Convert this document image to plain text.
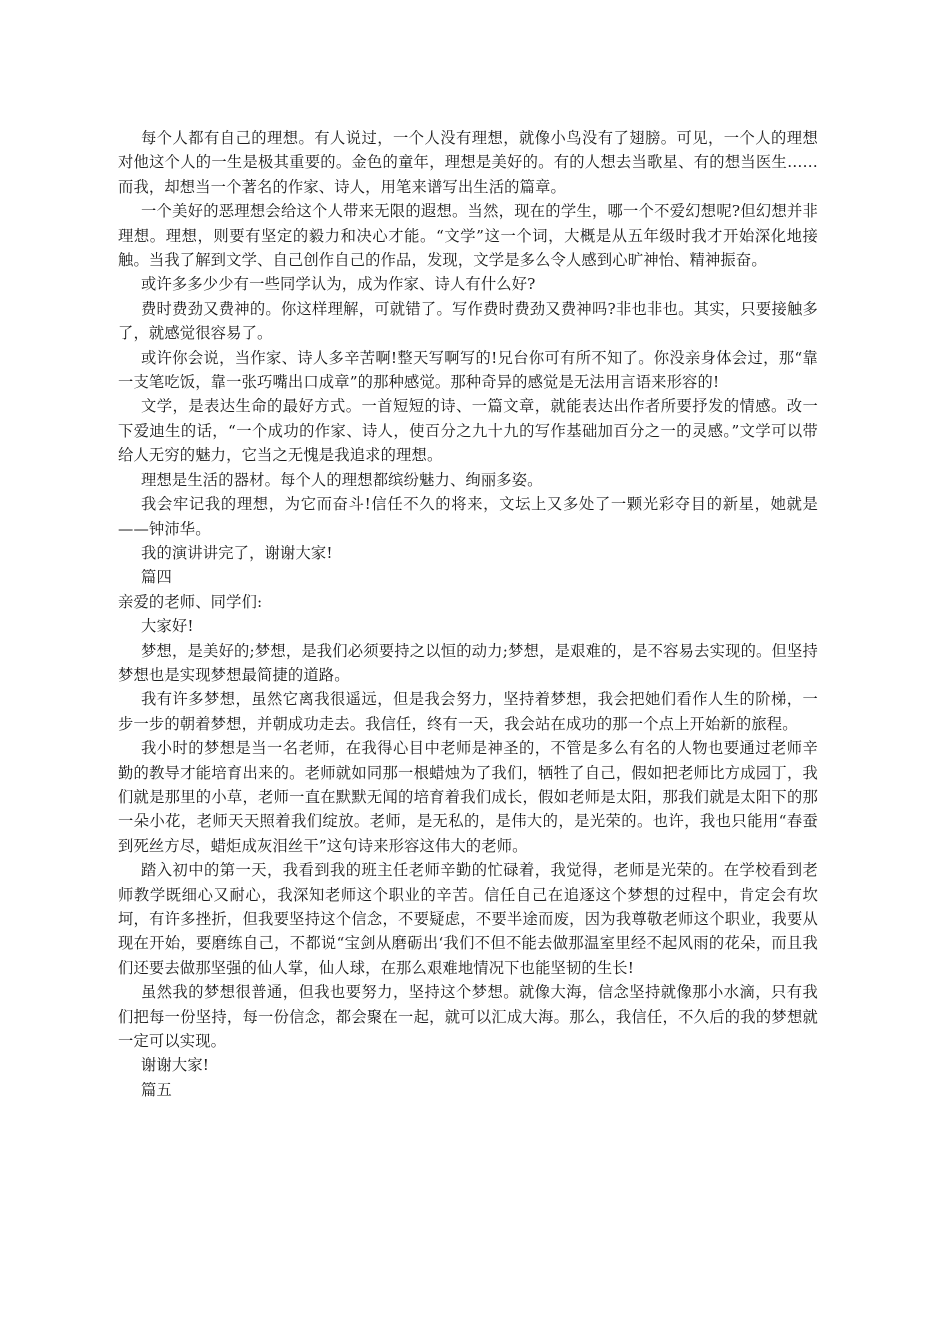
每个人都有自己的理想。有人说过，一个人没有理想，就像小鸟没有了翅膀。可见，一个人的理想对他这个人的一生是极其重要的。金色的童年，理想是美好的。有的人想去当歌星、有的想当医生……而我，却想当一个著名的作家、诗人，用笔来谱写出生活的篇章。

一个美好的恶理想会给这个人带来无限的遐想。当然，现在的学生，哪一个不爱幻想呢?但幻想并非理想。理想，则要有坚定的毅力和决心才能。“文学”这一个词，大概是从五年级时我才开始深化地接触。当我了解到文学、自己创作自己的作品，发现，文学是多么令人感到心旷神怡、精神振奋。

或许多多少少有一些同学认为，成为作家、诗人有什么好?

费时费劲又费神的。你这样理解，可就错了。写作费时费劲又费神吗?非也非也。其实，只要接触多了，就感觉很容易了。

或许你会说，当作家、诗人多辛苦啊!整天写啊写的!兄台你可有所不知了。你没亲身体会过，那“靠一支笔吃饭，靠一张巧嘴出口成章”的那种感觉。那种奇异的感觉是无法用言语来形容的!

文学，是表达生命的最好方式。一首短短的诗、一篇文章，就能表达出作者所要抒发的情感。改一下爱迪生的话，“一个成功的作家、诗人，使百分之九十九的写作基础加百分之一的灵感。”文学可以带给人无穷的魅力，它当之无愧是我追求的理想。

理想是生活的器材。每个人的理想都缤纷魅力、绚丽多姿。

我会牢记我的理想，为它而奋斗!信任不久的将来，文坛上又多处了一颗光彩夺目的新星，她就是——钟沛华。

我的演讲讲完了，谢谢大家!

篇四

亲爱的老师、同学们:

大家好!

梦想，是美好的;梦想，是我们必须要持之以恒的动力;梦想，是艰难的，是不容易去实现的。但坚持梦想也是实现梦想最简捷的道路。

我有许多梦想，虽然它离我很遥远，但是我会努力，坚持着梦想，我会把她们看作人生的阶梯，一步一步的朝着梦想，并朝成功走去。我信任，终有一天，我会站在成功的那一个点上开始新的旅程。

我小时的梦想是当一名老师，在我得心目中老师是神圣的，不管是多么有名的人物也要通过老师辛勤的教导才能培育出来的。老师就如同那一根蜡烛为了我们，牺牲了自己，假如把老师比方成园丁，我们就是那里的小草，老师一直在默默无闻的培育着我们成长，假如老师是太阳，那我们就是太阳下的那一朵小花，老师天天照着我们绽放。老师，是无私的，是伟大的，是光荣的。也许，我也只能用“春蚕到死丝方尽，蜡炬成灰泪丝干”这句诗来形容这伟大的老师。

踏入初中的第一天，我看到我的班主任老师辛勤的忙碌着，我觉得，老师是光荣的。在学校看到老师教学既细心又耐心，我深知老师这个职业的辛苦。信任自己在追逐这个梦想的过程中，肯定会有坎坷，有许多挫折，但我要坚持这个信念，不要疑虑，不要半途而废，因为我尊敬老师这个职业，我要从现在开始，要磨练自己，不都说“宝剑从磨砺出‘我们不但不能去做那温室里经不起风雨的花朵，而且我们还要去做那坚强的仙人掌，仙人球，在那么艰难地情况下也能坚韧的生长!

虽然我的梦想很普通，但我也要努力，坚持这个梦想。就像大海，信念坚持就像那小水滴，只有我们把每一份坚持，每一份信念，都会聚在一起，就可以汇成大海。那么，我信任，不久后的我的梦想就一定可以实现。

谢谢大家!

篇五
